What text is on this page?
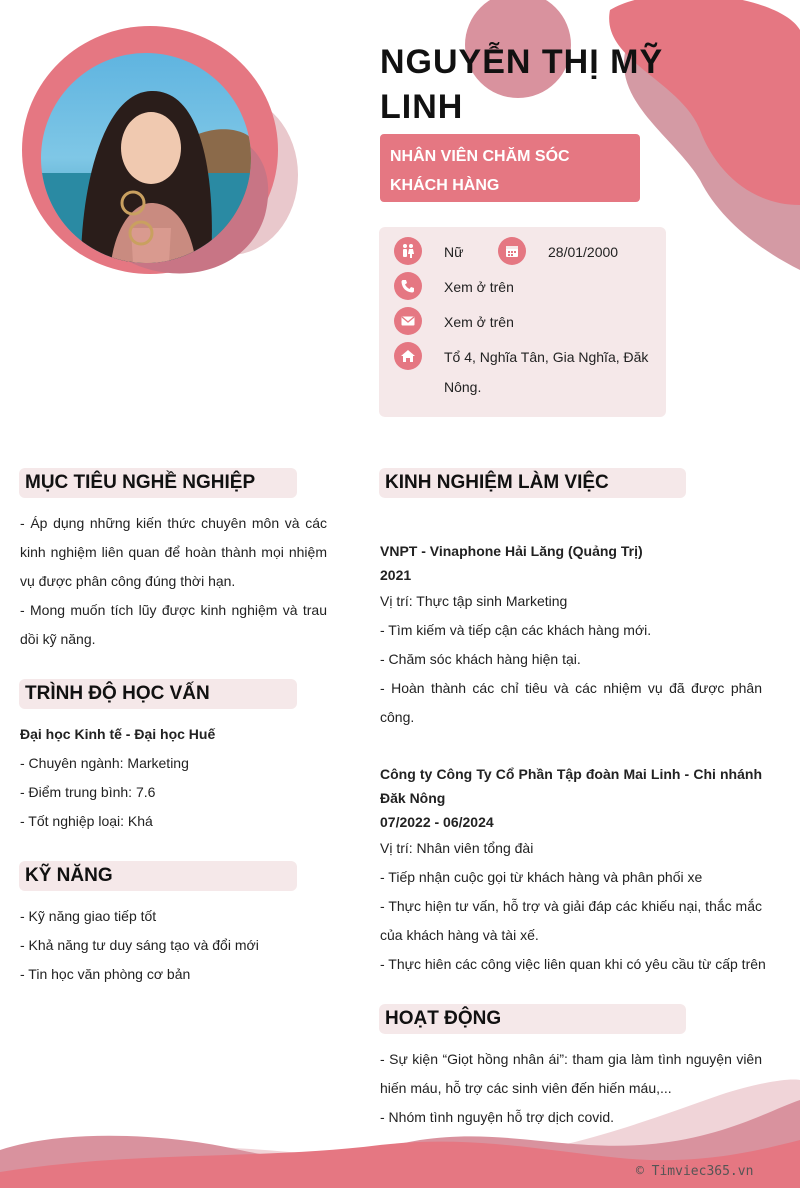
NGUYỄN THỊ MỸ LINH
NHÂN VIÊN CHĂM SÓC KHÁCH HÀNG
Nữ	28/01/2000
Xem ở trên
Xem ở trên
Tổ 4, Nghĩa Tân, Gia Nghĩa, Đăk Nông.
MỤC TIÊU NGHỀ NGHIỆP

- Áp dụng những kiến thức chuyên môn và các kinh nghiệm liên quan để hoàn thành mọi nhiệm vụ được phân công đúng thời hạn.

- Mong muốn tích lũy được kinh nghiệm và trau dồi kỹ năng.

TRÌNH ĐỘ HỌC VẤN

Đại học Kinh tế - Đại học Huế

- Chuyên ngành: Marketing

- Điểm trung bình: 7.6

- Tốt nghiệp loại: Khá

KỸ NĂNG

- Kỹ năng giao tiếp tốt

- Khả năng tư duy sáng tạo và đổi mới

- Tin học văn phòng cơ bản

KINH NGHIỆM LÀM VIỆC

VNPT - Vinaphone Hải Lăng (Quảng Trị)

2021

Vị trí: Thực tập sinh Marketing

- Tìm kiếm và tiếp cận các khách hàng mới.

- Chăm sóc khách hàng hiện tại.

- Hoàn thành các chỉ tiêu và các nhiệm vụ đã được phân công.

Công ty Công Ty Cổ Phần Tập đoàn Mai Linh - Chi nhánh Đăk Nông

07/2022 - 06/2024

Vị trí: Nhân viên tổng đài

- Tiếp nhận cuộc gọi từ khách hàng và phân phối xe

- Thực hiện tư vấn, hỗ trợ và giải đáp các khiếu nại, thắc mắc của khách hàng và tài xế.

- Thực hiên các công việc liên quan khi có yêu cầu từ cấp trên

HOẠT ĐỘNG

- Sự kiện “Giọt hồng nhân ái”: tham gia làm tình nguyện viên hiến máu, hỗ trợ các sinh viên đến hiến máu,...

- Nhóm tình nguyện hỗ trợ dịch covid.

© Timviec365.vn
